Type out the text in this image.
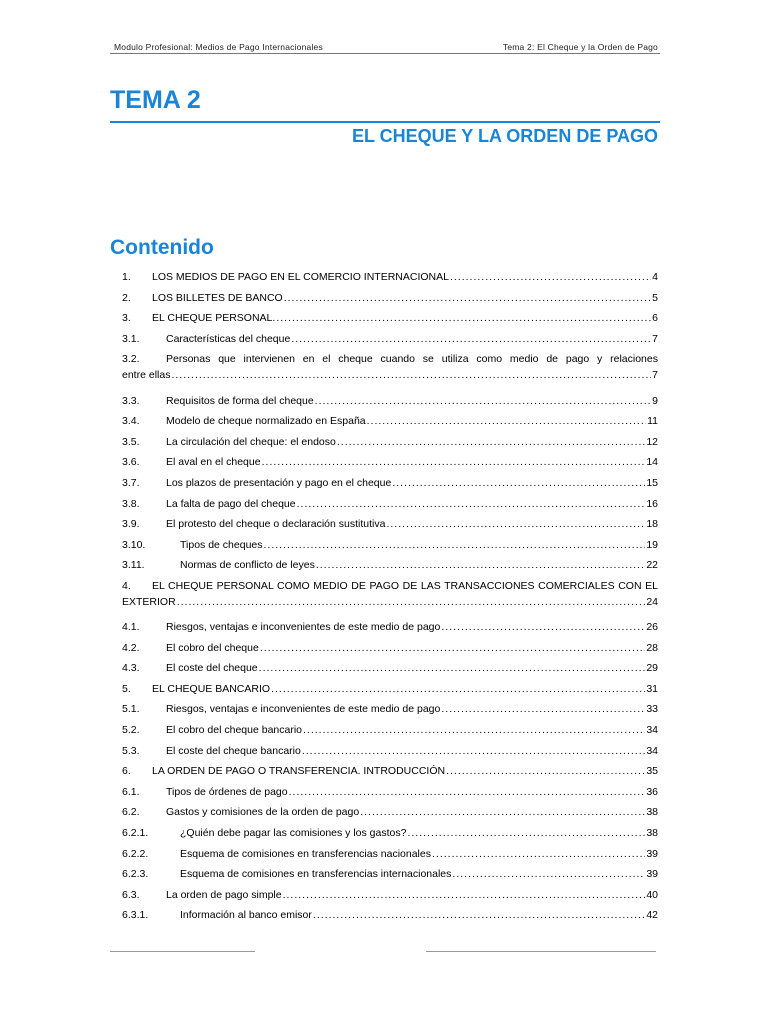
Modulo Profesional: Medios de Pago Internacionales	Tema 2: El Cheque y la Orden de Pago
TEMA 2
EL CHEQUE Y LA ORDEN DE PAGO
Contenido
1.	LOS MEDIOS DE PAGO EN EL COMERCIO INTERNACIONAL .....	4
2.	LOS BILLETES DE BANCO .....	5
3.	EL CHEQUE PERSONAL. .....	6
3.1.	Características del cheque .....	7
3.2.	Personas que intervienen en el cheque cuando se utiliza como medio de pago y relaciones
entre ellas .....	7
3.3.	Requisitos de forma del cheque .....	9
3.4.	Modelo de cheque normalizado en España .....	11
3.5.	La circulación del cheque: el endoso .....	12
3.6.	El aval en el cheque .....	14
3.7.	Los plazos de presentación y pago en el cheque .....	15
3.8.	La falta de pago del cheque .....	16
3.9.	El protesto del cheque o declaración sustitutiva .....	18
3.10.	Tipos de cheques .....	19
3.11.	Normas de conflicto de leyes .....	22
4.	EL CHEQUE PERSONAL COMO MEDIO DE PAGO DE LAS TRANSACCIONES COMERCIALES CON EL
EXTERIOR .....	24
4.1.	Riesgos, ventajas e inconvenientes de este medio de pago .....	26
4.2.	El cobro del cheque .....	28
4.3.	El coste del cheque .....	29
5.	EL CHEQUE BANCARIO .....	31
5.1.	Riesgos, ventajas e inconvenientes de este medio de pago .....	33
5.2.	El cobro del cheque bancario .....	34
5.3.	El coste del cheque bancario .....	34
6.	LA ORDEN DE PAGO O TRANSFERENCIA. INTRODUCCIÓN .....	35
6.1.	Tipos de órdenes de pago .....	36
6.2.	Gastos y comisiones de la orden de pago .....	38
6.2.1.	¿Quién debe pagar las comisiones y los gastos? .....	38
6.2.2.	Esquema de comisiones en transferencias nacionales .....	39
6.2.3.	Esquema de comisiones en transferencias internacionales .....	39
6.3.	La orden de pago simple .....	40
6.3.1.	Información al banco emisor .....	42
